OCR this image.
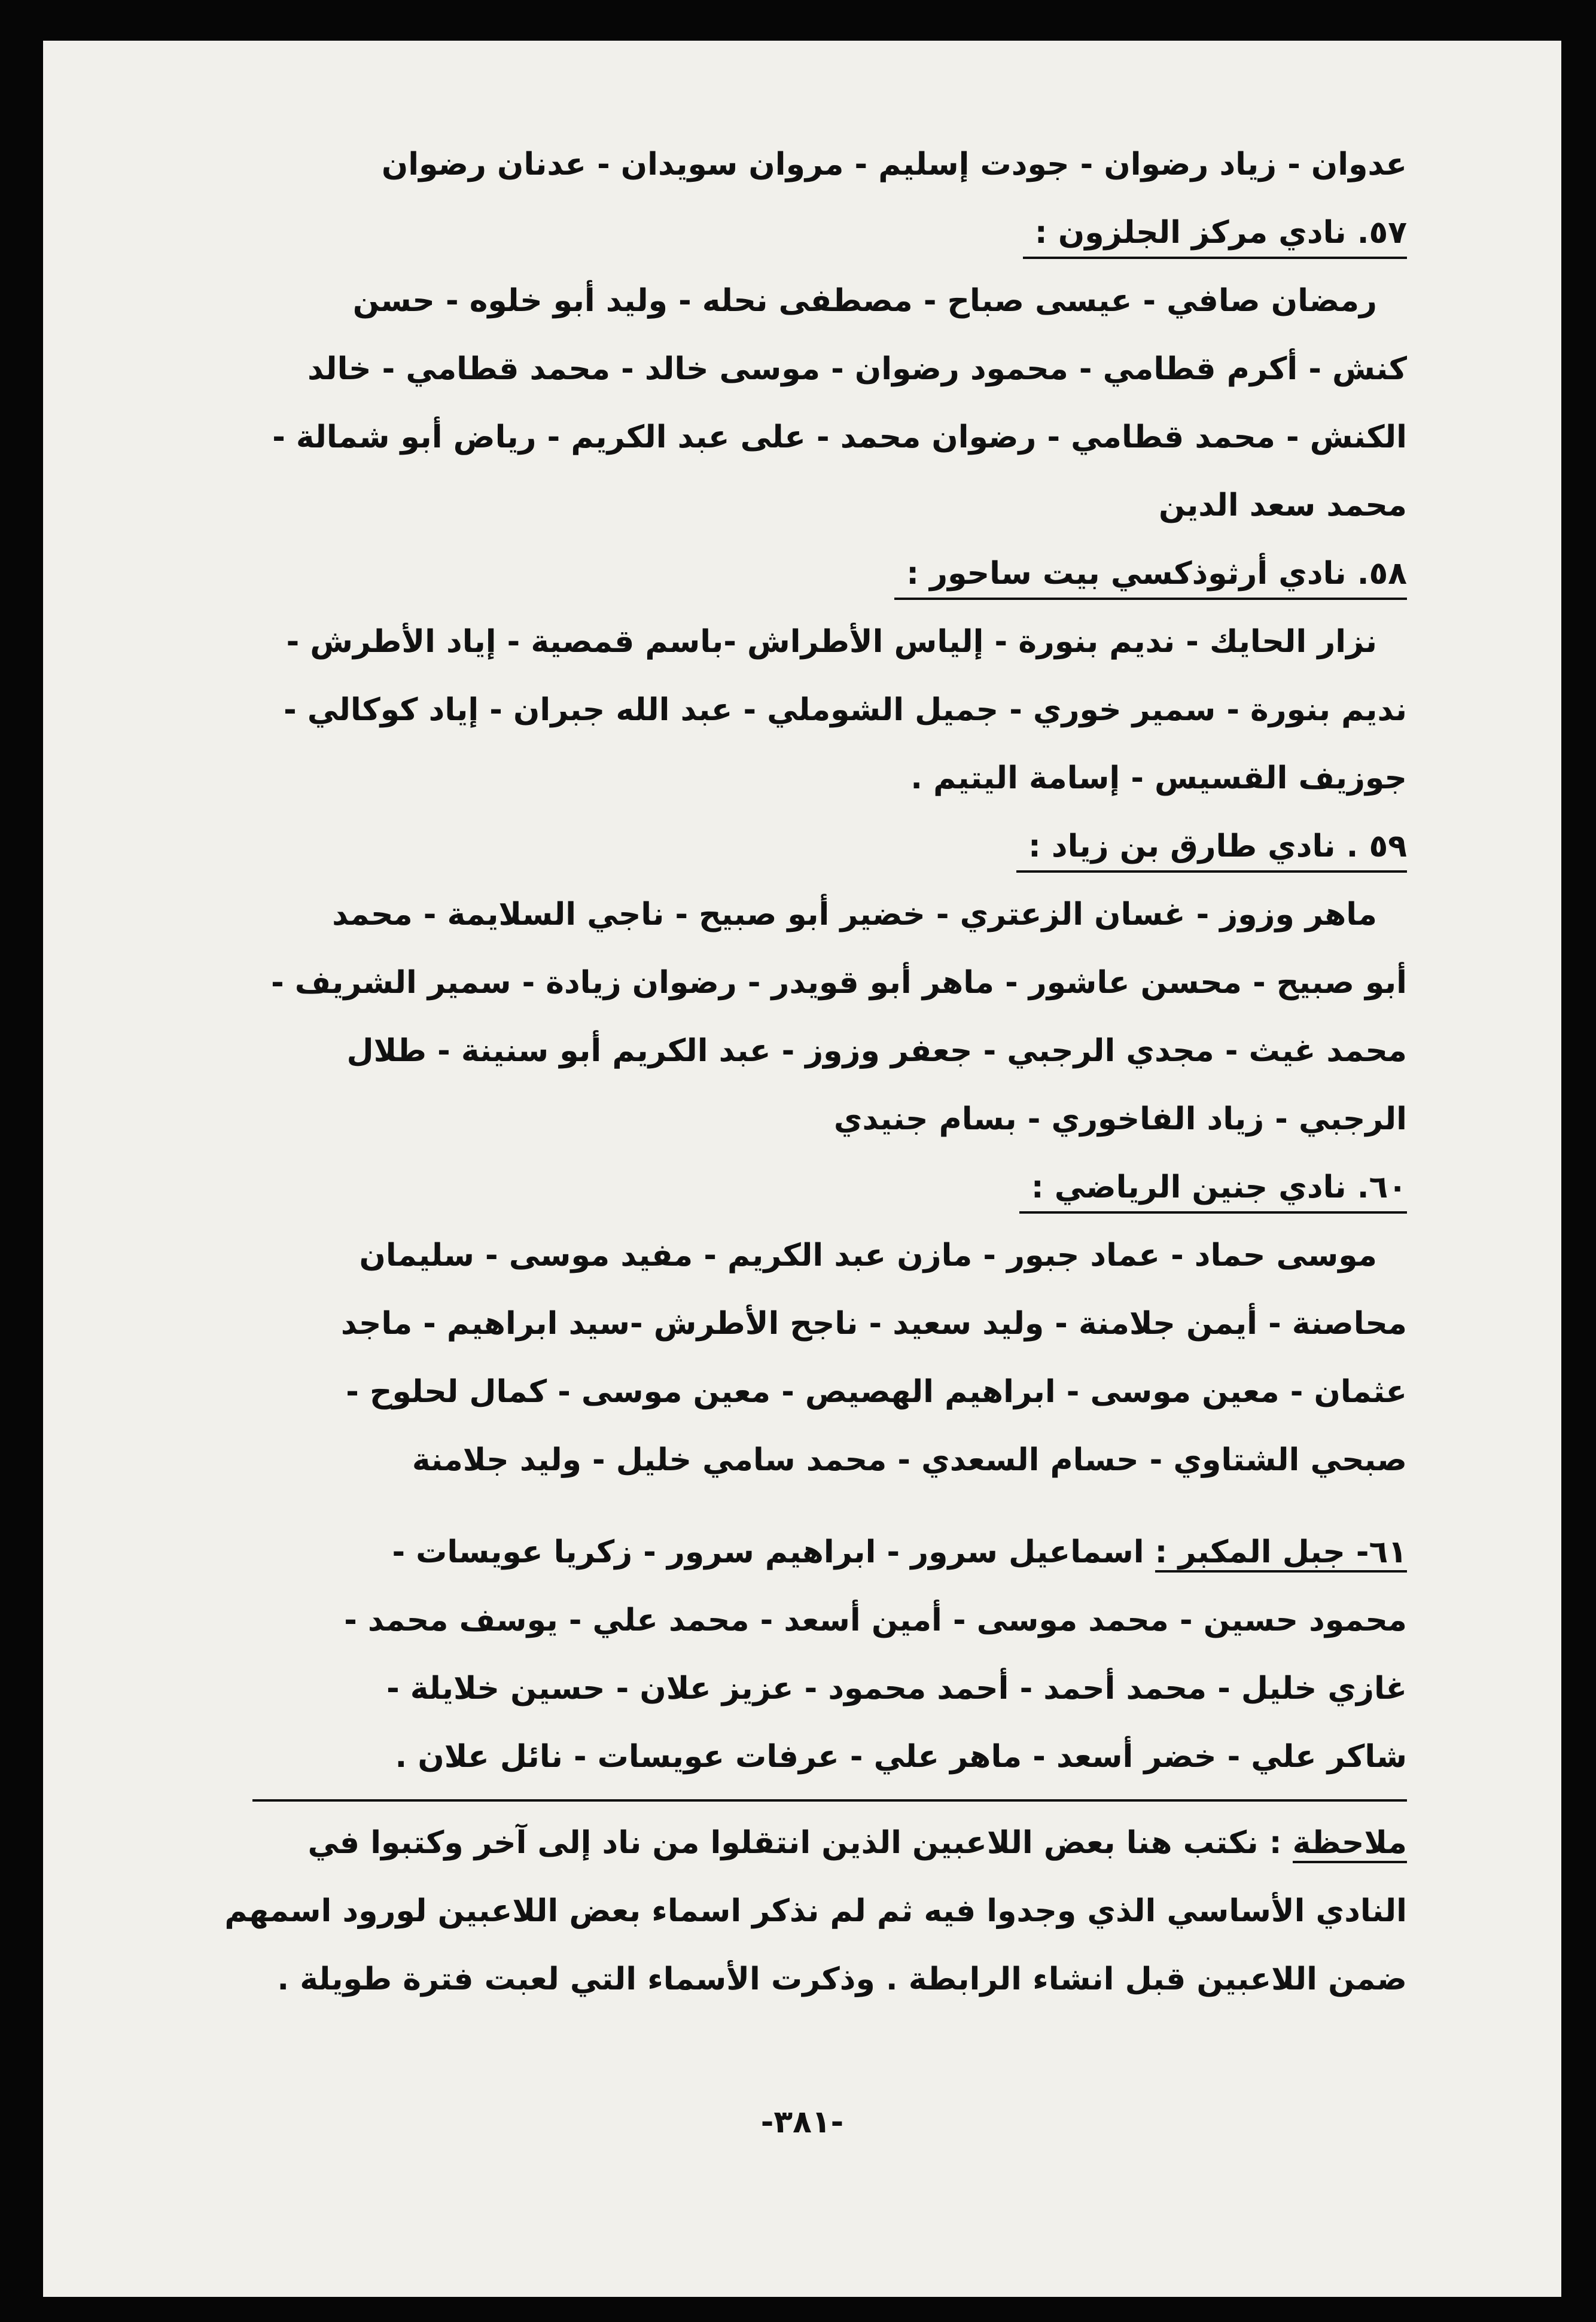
عدوان - زياد رضوان - جودت إسليم - مروان سويدان - عدنان رضوان
٥٧. نادي مركز الجلزون :
رمضان صافي - عيسى صباح - مصطفى نحله - وليد أبو خلوه - حسن
كنش - أكرم قطامي - محمود رضوان - موسى خالد - محمد قطامي - خالد
الكنش - محمد قطامي - رضوان محمد - على عبد الكريم - رياض أبو شمالة -
محمد سعد الدين
٥٨. نادي أرثوذكسي بيت ساحور :
نزار الحايك - نديم بنورة - إلياس الأطراش -باسم قمصية - إياد الأطرش -
نديم بنورة - سمير خوري - جميل الشوملي - عبد الله جبران - إياد كوكالي -
جوزيف القسيس - إسامة اليتيم .
٥٩ . نادي طارق بن زياد :
ماهر وزوز - غسان الزعتري - خضير أبو صبيح - ناجي السلايمة - محمد
أبو صبيح - محسن عاشور - ماهر أبو قويدر - رضوان زيادة - سمير الشريف -
محمد غيث - مجدي الرجبي - جعفر وزوز - عبد الكريم أبو سنينة - طلال
الرجبي - زياد الفاخوري - بسام جنيدي
٦٠. نادي جنين الرياضي :
موسى حماد - عماد جبور - مازن عبد الكريم - مفيد موسى - سليمان
محاصنة - أيمن جلامنة - وليد سعيد - ناجح الأطرش -سيد ابراهيم - ماجد
عثمان - معين موسى - ابراهيم الهصيص - معين موسى - كمال لحلوح -
صبحي الشتاوي - حسام السعدي - محمد سامي خليل - وليد جلامنة
٦١- جبل المكبر : اسماعيل سرور - ابراهيم سرور - زكريا عويسات -
محمود حسين - محمد موسى - أمين أسعد - محمد علي - يوسف محمد -
غازي خليل - محمد أحمد - أحمد محمود - عزيز علان - حسين خلايلة -
شاكر علي - خضر أسعد - ماهر علي - عرفات عويسات - نائل علان .
ملاحظة : نكتب هنا بعض اللاعبين الذين انتقلوا من ناد إلى آخر وكتبوا في
النادي الأساسي الذي وجدوا فيه ثم لم نذكر اسماء بعض اللاعبين لورود اسمهم
ضمن اللاعبين قبل انشاء الرابطة . وذكرت الأسماء التي لعبت فترة طويلة .
-٣٨١-
